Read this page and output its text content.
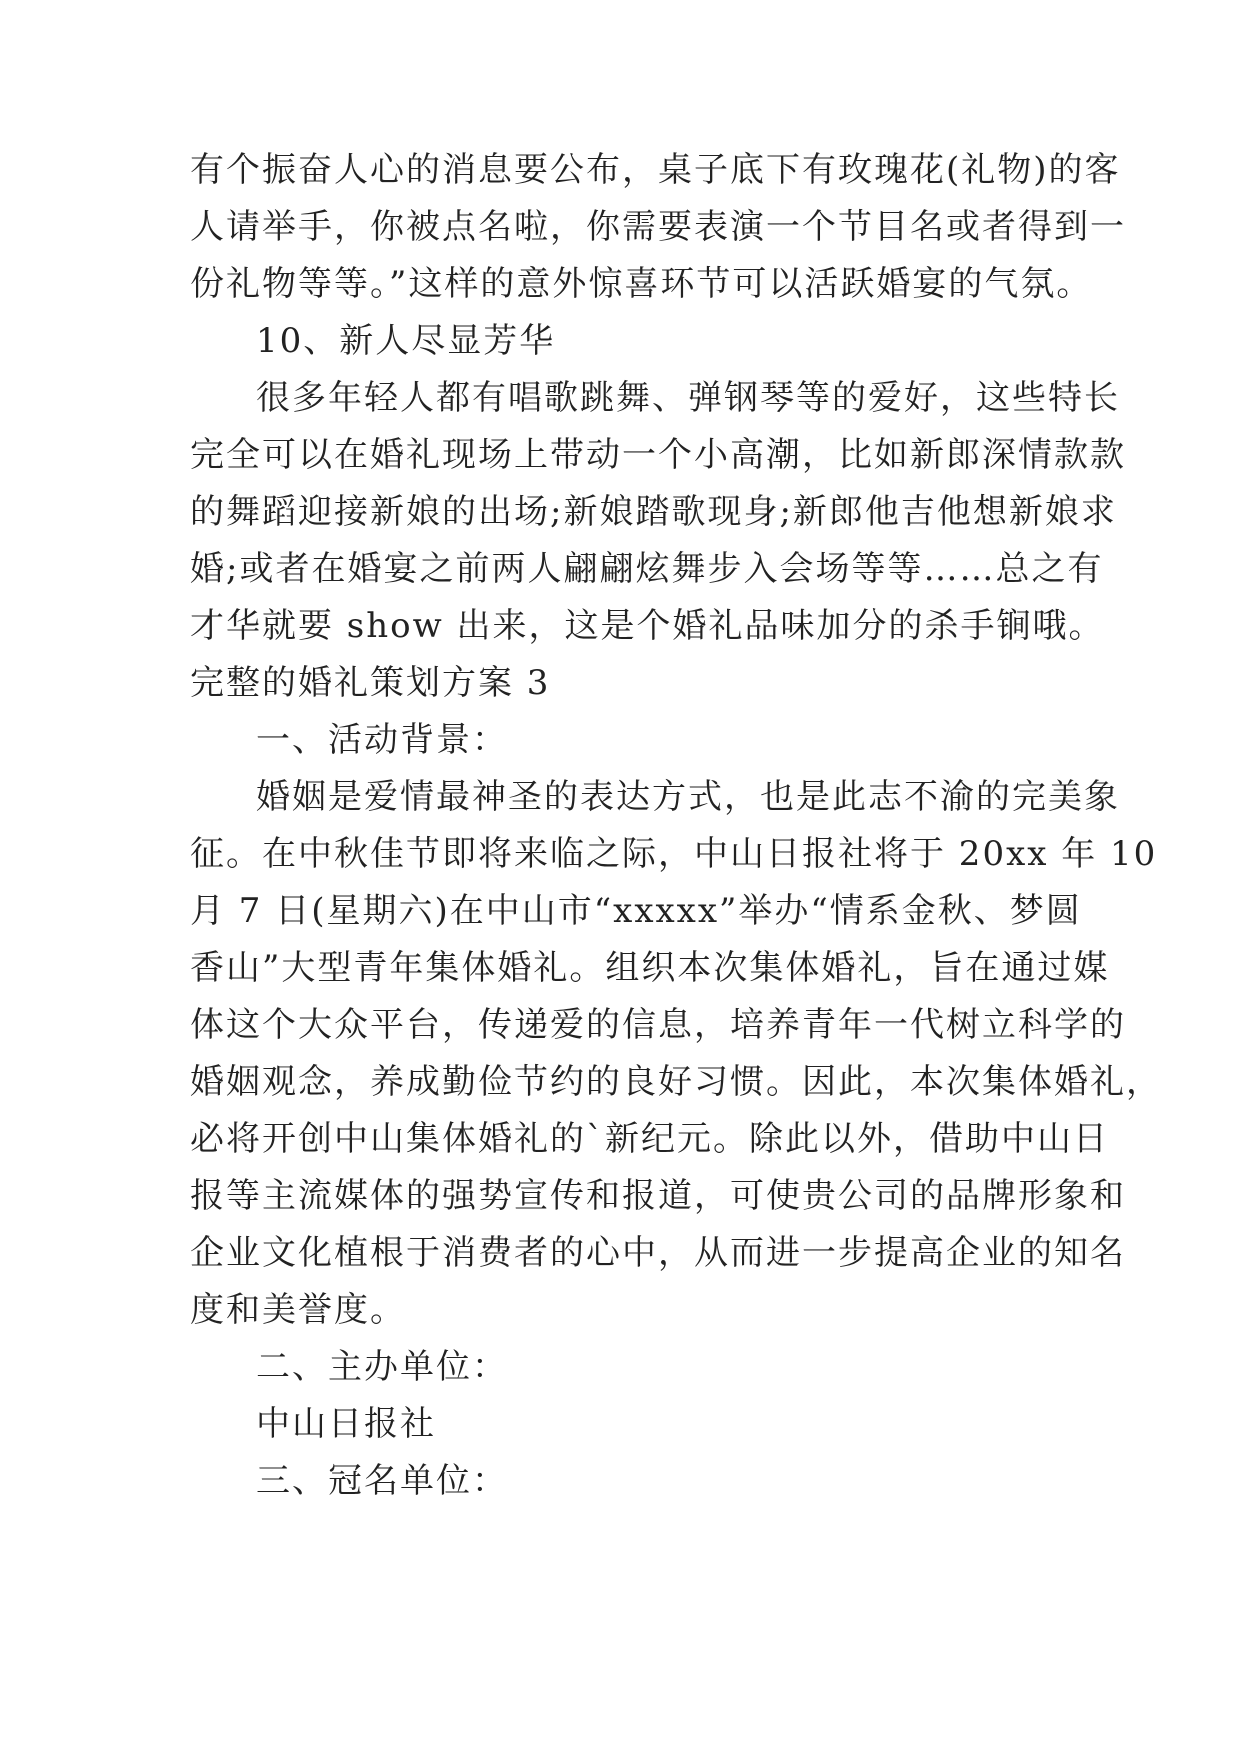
有个振奋人心的消息要公布，桌子底下有玫瑰花(礼物)的客
人请举手，你被点名啦，你需要表演一个节目名或者得到一
份礼物等等。”这样的意外惊喜环节可以活跃婚宴的气氛。
10、新人尽显芳华
很多年轻人都有唱歌跳舞、弹钢琴等的爱好，这些特长
完全可以在婚礼现场上带动一个小高潮，比如新郎深情款款
的舞蹈迎接新娘的出场;新娘踏歌现身;新郎他吉他想新娘求
婚;或者在婚宴之前两人翩翩炫舞步入会场等等……总之有
才华就要 show 出来，这是个婚礼品味加分的杀手锏哦。
完整的婚礼策划方案 3
一、活动背景：
婚姻是爱情最神圣的表达方式，也是此志不渝的完美象
征。在中秋佳节即将来临之际，中山日报社将于 20xx 年 10
月 7 日(星期六)在中山市“xxxxx”举办“情系金秋、梦圆
香山”大型青年集体婚礼。组织本次集体婚礼，旨在通过媒
体这个大众平台，传递爱的信息，培养青年一代树立科学的
婚姻观念，养成勤俭节约的良好习惯。因此，本次集体婚礼，
必将开创中山集体婚礼的`新纪元。除此以外，借助中山日
报等主流媒体的强势宣传和报道，可使贵公司的品牌形象和
企业文化植根于消费者的心中，从而进一步提高企业的知名
度和美誉度。
二、主办单位：
中山日报社
三、冠名单位：
